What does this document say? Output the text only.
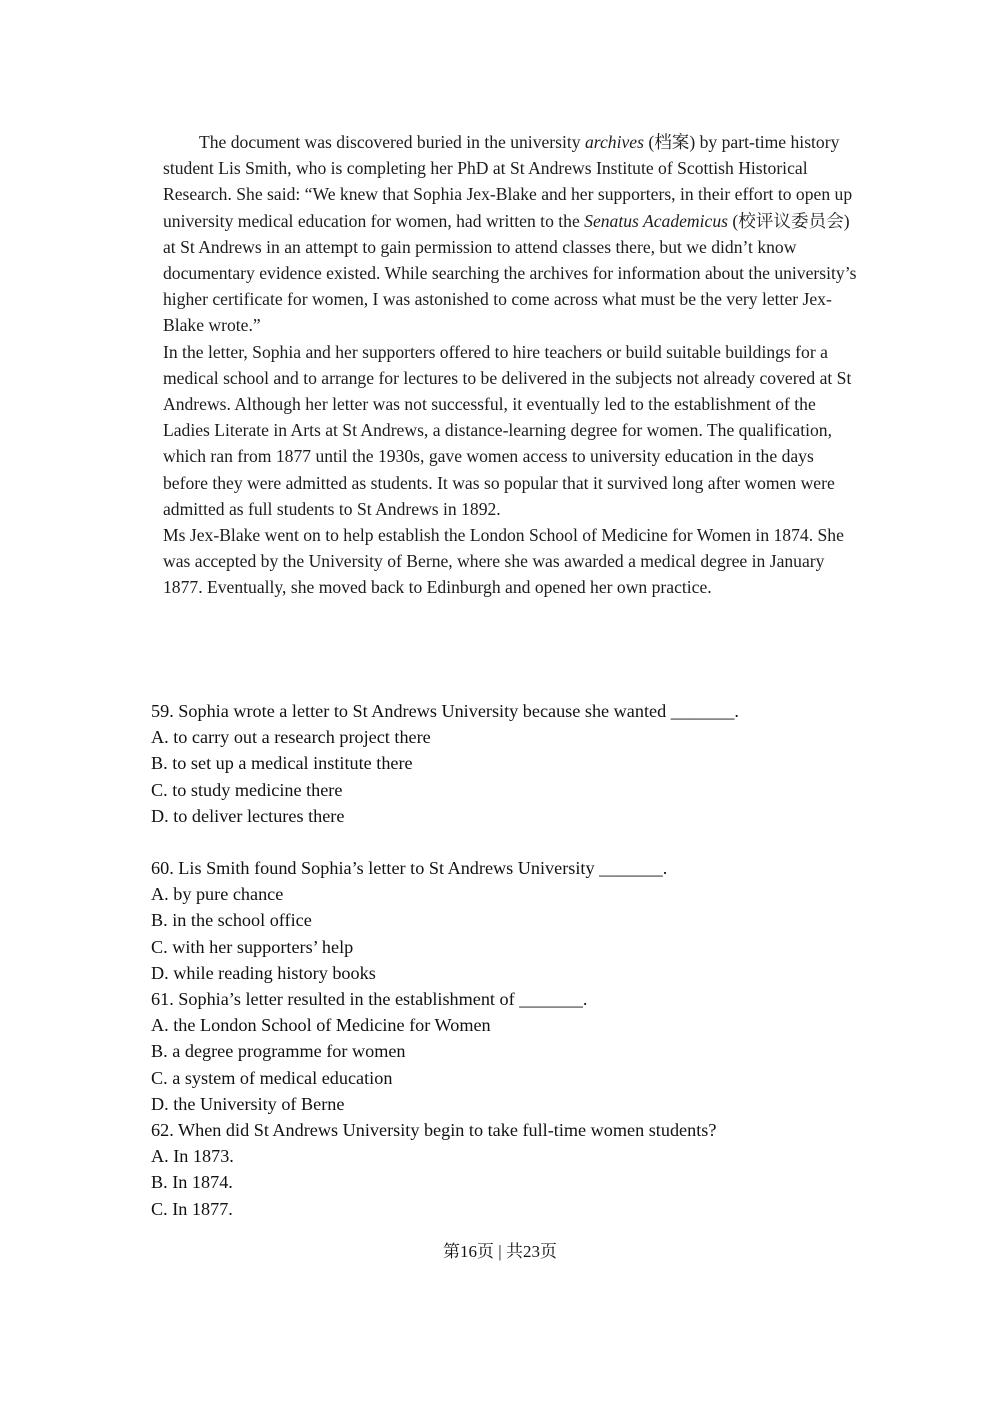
The document was discovered buried in the university archives (档案) by part-time history student Lis Smith, who is completing her PhD at St Andrews Institute of Scottish Historical Research. She said: “We knew that Sophia Jex-Blake and her supporters, in their effort to open up university medical education for women, had written to the Senatus Academicus (校评议委员会) at St Andrews in an attempt to gain permission to attend classes there, but we didn’t know documentary evidence existed. While searching the archives for information about the university’s higher certificate for women, I was astonished to come across what must be the very letter Jex-Blake wrote.”

In the letter, Sophia and her supporters offered to hire teachers or build suitable buildings for a medical school and to arrange for lectures to be delivered in the subjects not already covered at St Andrews. Although her letter was not successful, it eventually led to the establishment of the Ladies Literate in Arts at St Andrews, a distance-learning degree for women. The qualification, which ran from 1877 until the 1930s, gave women access to university education in the days before they were admitted as students. It was so popular that it survived long after women were admitted as full students to St Andrews in 1892.

Ms Jex-Blake went on to help establish the London School of Medicine for Women in 1874. She was accepted by the University of Berne, where she was awarded a medical degree in January 1877. Eventually, she moved back to Edinburgh and opened her own practice.

59. Sophia wrote a letter to St Andrews University because she wanted _______.
A. to carry out a research project there
B. to set up a medical institute there
C. to study medicine there
D. to deliver lectures there
60. Lis Smith found Sophia’s letter to St Andrews University _______.
A. by pure chance
B. in the school office
C. with her supporters’ help
D. while reading history books
61. Sophia’s letter resulted in the establishment of _______.
A. the London School of Medicine for Women
B. a degree programme for women
C. a system of medical education
D. the University of Berne
62. When did St Andrews University begin to take full-time women students?
A. In 1873.
B. In 1874.
C. In 1877.
第16页 | 共23页
